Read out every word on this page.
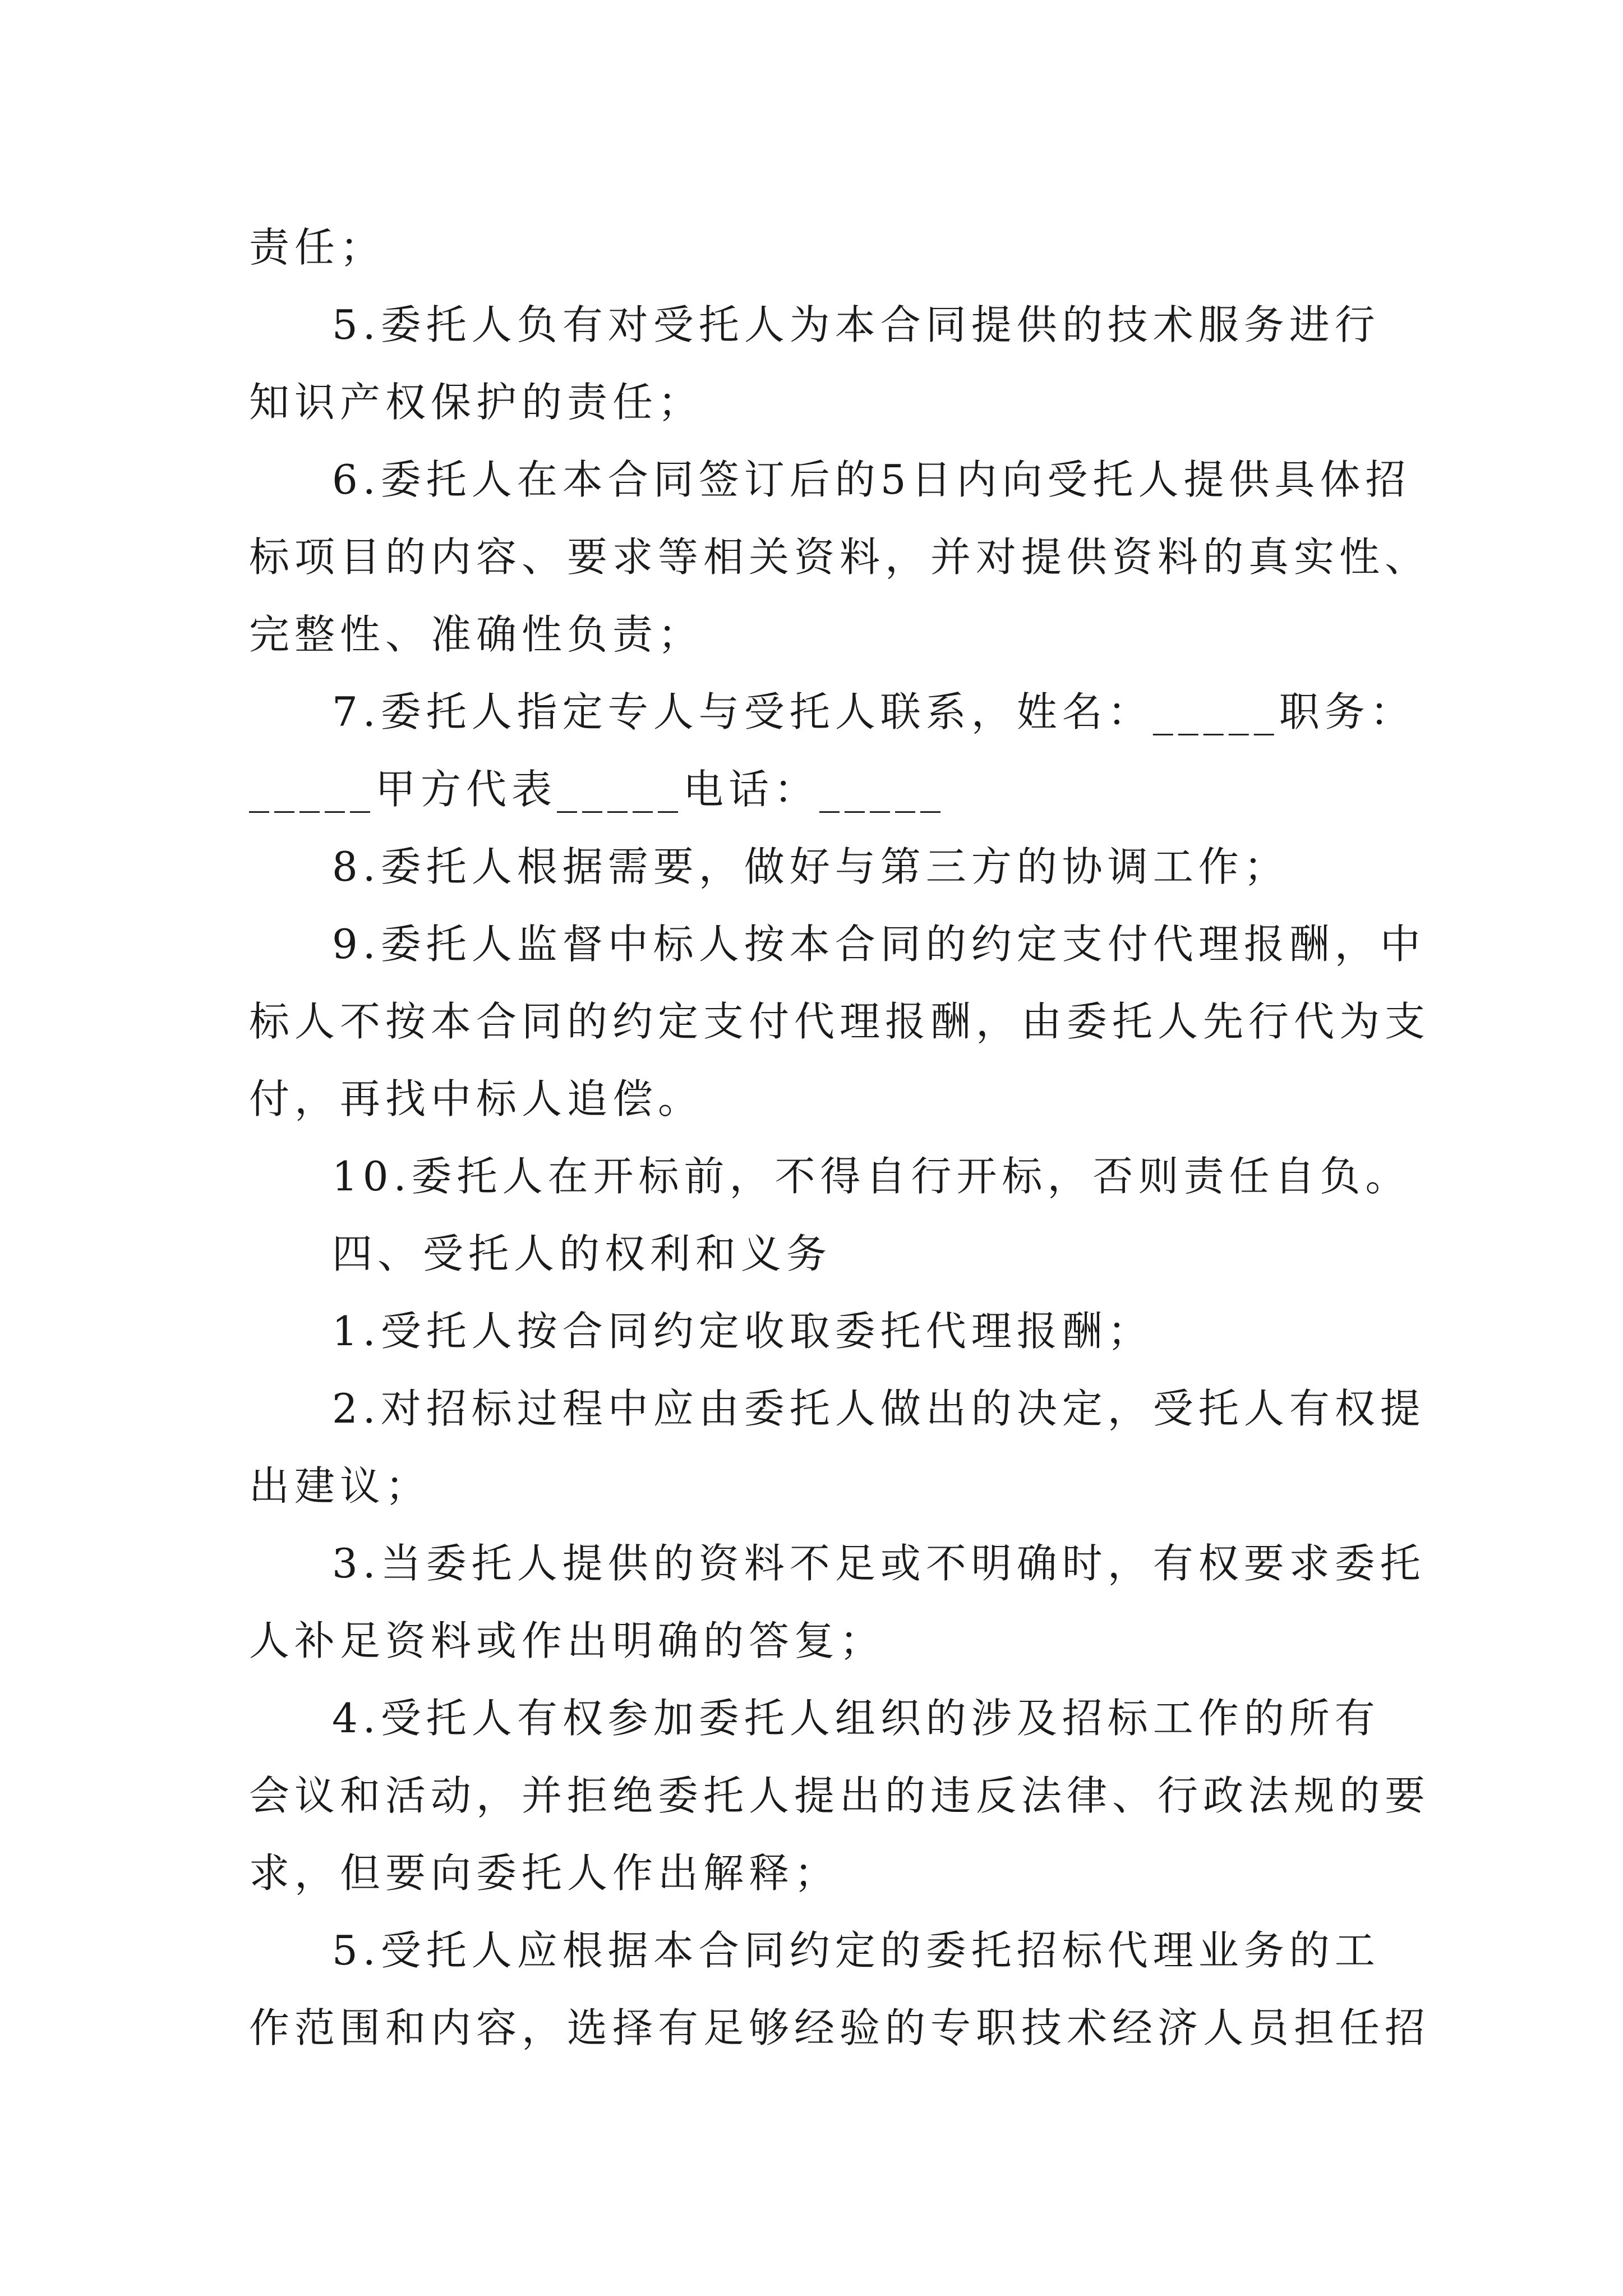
责任；
5.委托人负有对受托人为本合同提供的技术服务进行
知识产权保护的责任；
6.委托人在本合同签订后的5日内向受托人提供具体招
标项目的内容、要求等相关资料，并对提供资料的真实性、
完整性、准确性负责；
7.委托人指定专人与受托人联系，姓名：_____职务：
_____甲方代表_____电话：_____
8.委托人根据需要，做好与第三方的协调工作；
9.委托人监督中标人按本合同的约定支付代理报酬，中
标人不按本合同的约定支付代理报酬，由委托人先行代为支
付，再找中标人追偿。
10.委托人在开标前，不得自行开标，否则责任自负。
四、受托人的权利和义务
1.受托人按合同约定收取委托代理报酬；
2.对招标过程中应由委托人做出的决定，受托人有权提
出建议；
3.当委托人提供的资料不足或不明确时，有权要求委托
人补足资料或作出明确的答复；
4.受托人有权参加委托人组织的涉及招标工作的所有
会议和活动，并拒绝委托人提出的违反法律、行政法规的要
求，但要向委托人作出解释；
5.受托人应根据本合同约定的委托招标代理业务的工
作范围和内容，选择有足够经验的专职技术经济人员担任招
